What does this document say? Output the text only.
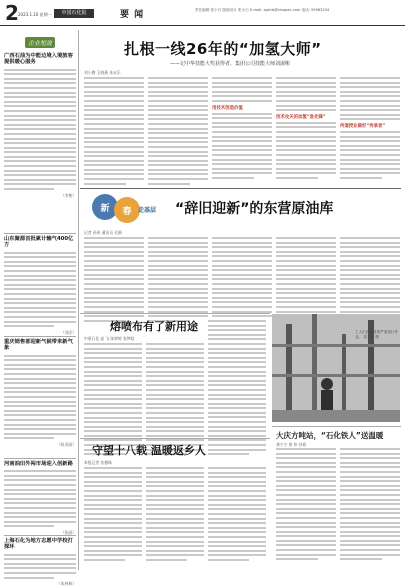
2 2023.1.16 星期一	中国石化报	要 闻	责任编辑 张小白 版面设计 张小白 E-mail: zgshb@sinopec.com 电话: 59963234
企业短波
广西石油为中能边境入境旅客提供暖心服务
（李艳）
山东聚源首批累计输气400亿方
（刘洋）
重庆销售部迎新气候带来新气象
（陈亚丽）
河南油田外闯市场迎入创新路
（张丽）
上海石化为地方志愿中学校打探环
（朱林林）
扎根一线26年的“加氢大师”
——记中华技能大奖获得者、集团公司技能大师刘淑彬
刘小腾 王晓燕 朱永乐
用技术创造价值
技术攻关的加氢“急先锋”
传道授业做好“传承者”
新	春	走基层 “辞旧迎新”的东营原油库
记者 孙伟 通讯员 孔颖
熔喷布有了新用途
中原石化 高 飞 陈婷婷 张梦晗
工人们正在冒着严寒进行作业。 周文涛 摄
大庆方吨站，“石化铁人”送温暖
龚宁宁 鲁 伟 孙春
守望十八载 温暖返乡人
本报记者 张德珠
